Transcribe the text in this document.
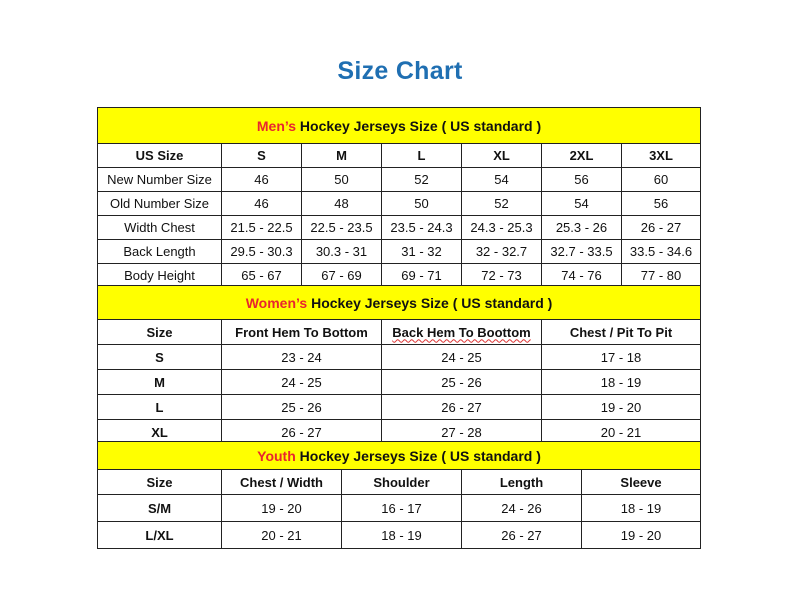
Size Chart
Men’s Hockey Jerseys Size ( US standard )						
US Size	S	M	L	XL	2XL	3XL
New Number Size	46	50	52	54	56	60
Old Number Size	46	48	50	52	54	56
Width Chest	21.5 - 22.5	22.5 - 23.5	23.5 - 24.3	24.3 - 25.3	25.3 - 26	26 - 27
Back Length	29.5 - 30.3	30.3 - 31	31 - 32	32 - 32.7	32.7 - 33.5	33.5 - 34.6
Body Height	65 - 67	67 - 69	69 - 71	72 - 73	74 - 76	77 - 80
Women’s Hockey Jerseys Size ( US standard )			
Size	Front Hem To Bottom	Back Hem To Boottom	Chest / Pit To Pit
S	23 - 24	24 - 25	17 - 18
M	24 - 25	25 - 26	18 - 19
L	25 - 26	26 - 27	19 - 20
XL	26 - 27	27 - 28	20 - 21
Youth Hockey Jerseys Size ( US standard )				
Size	Chest / Width	Shoulder	Length	Sleeve
S/M	19 - 20	16 - 17	24 - 26	18 - 19
L/XL	20 - 21	18 - 19	26 - 27	19 - 20
